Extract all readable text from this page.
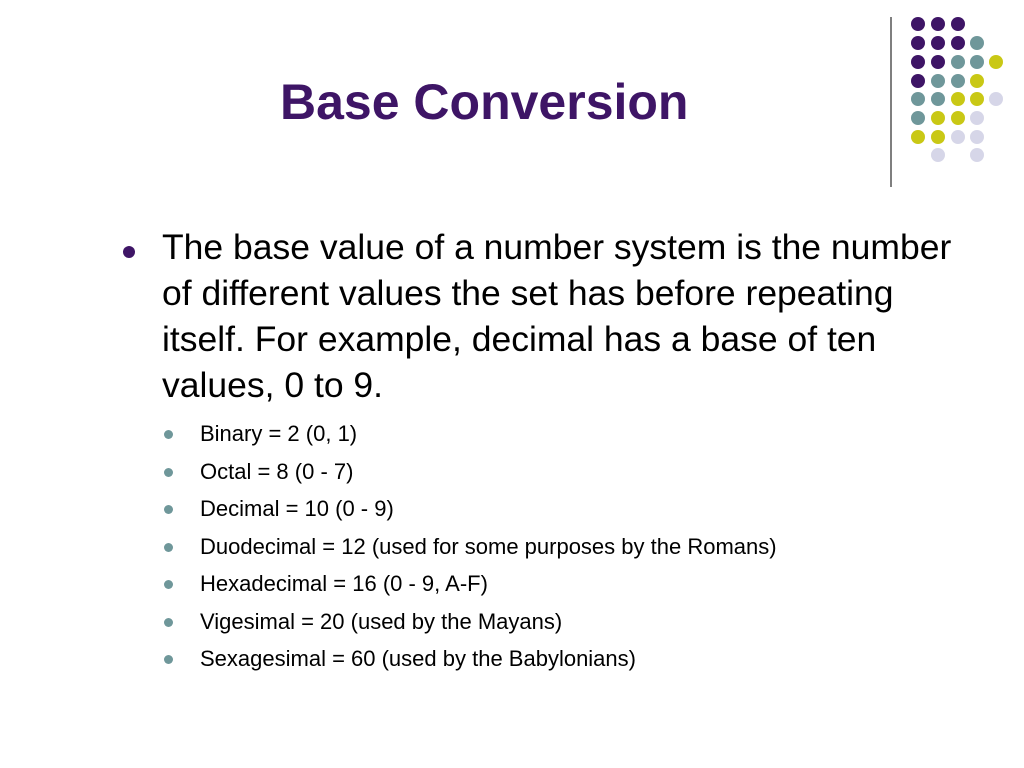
Base Conversion
The base value of a number system is the number of different values the set has before repeating itself. For example, decimal has a base of ten values, 0 to 9.
Binary = 2 (0, 1)
Octal = 8 (0 - 7)
Decimal = 10 (0 - 9)
Duodecimal = 12 (used for some purposes by the Romans)
Hexadecimal = 16 (0 - 9, A-F)
Vigesimal = 20 (used by the Mayans)
Sexagesimal = 60 (used by the Babylonians)
